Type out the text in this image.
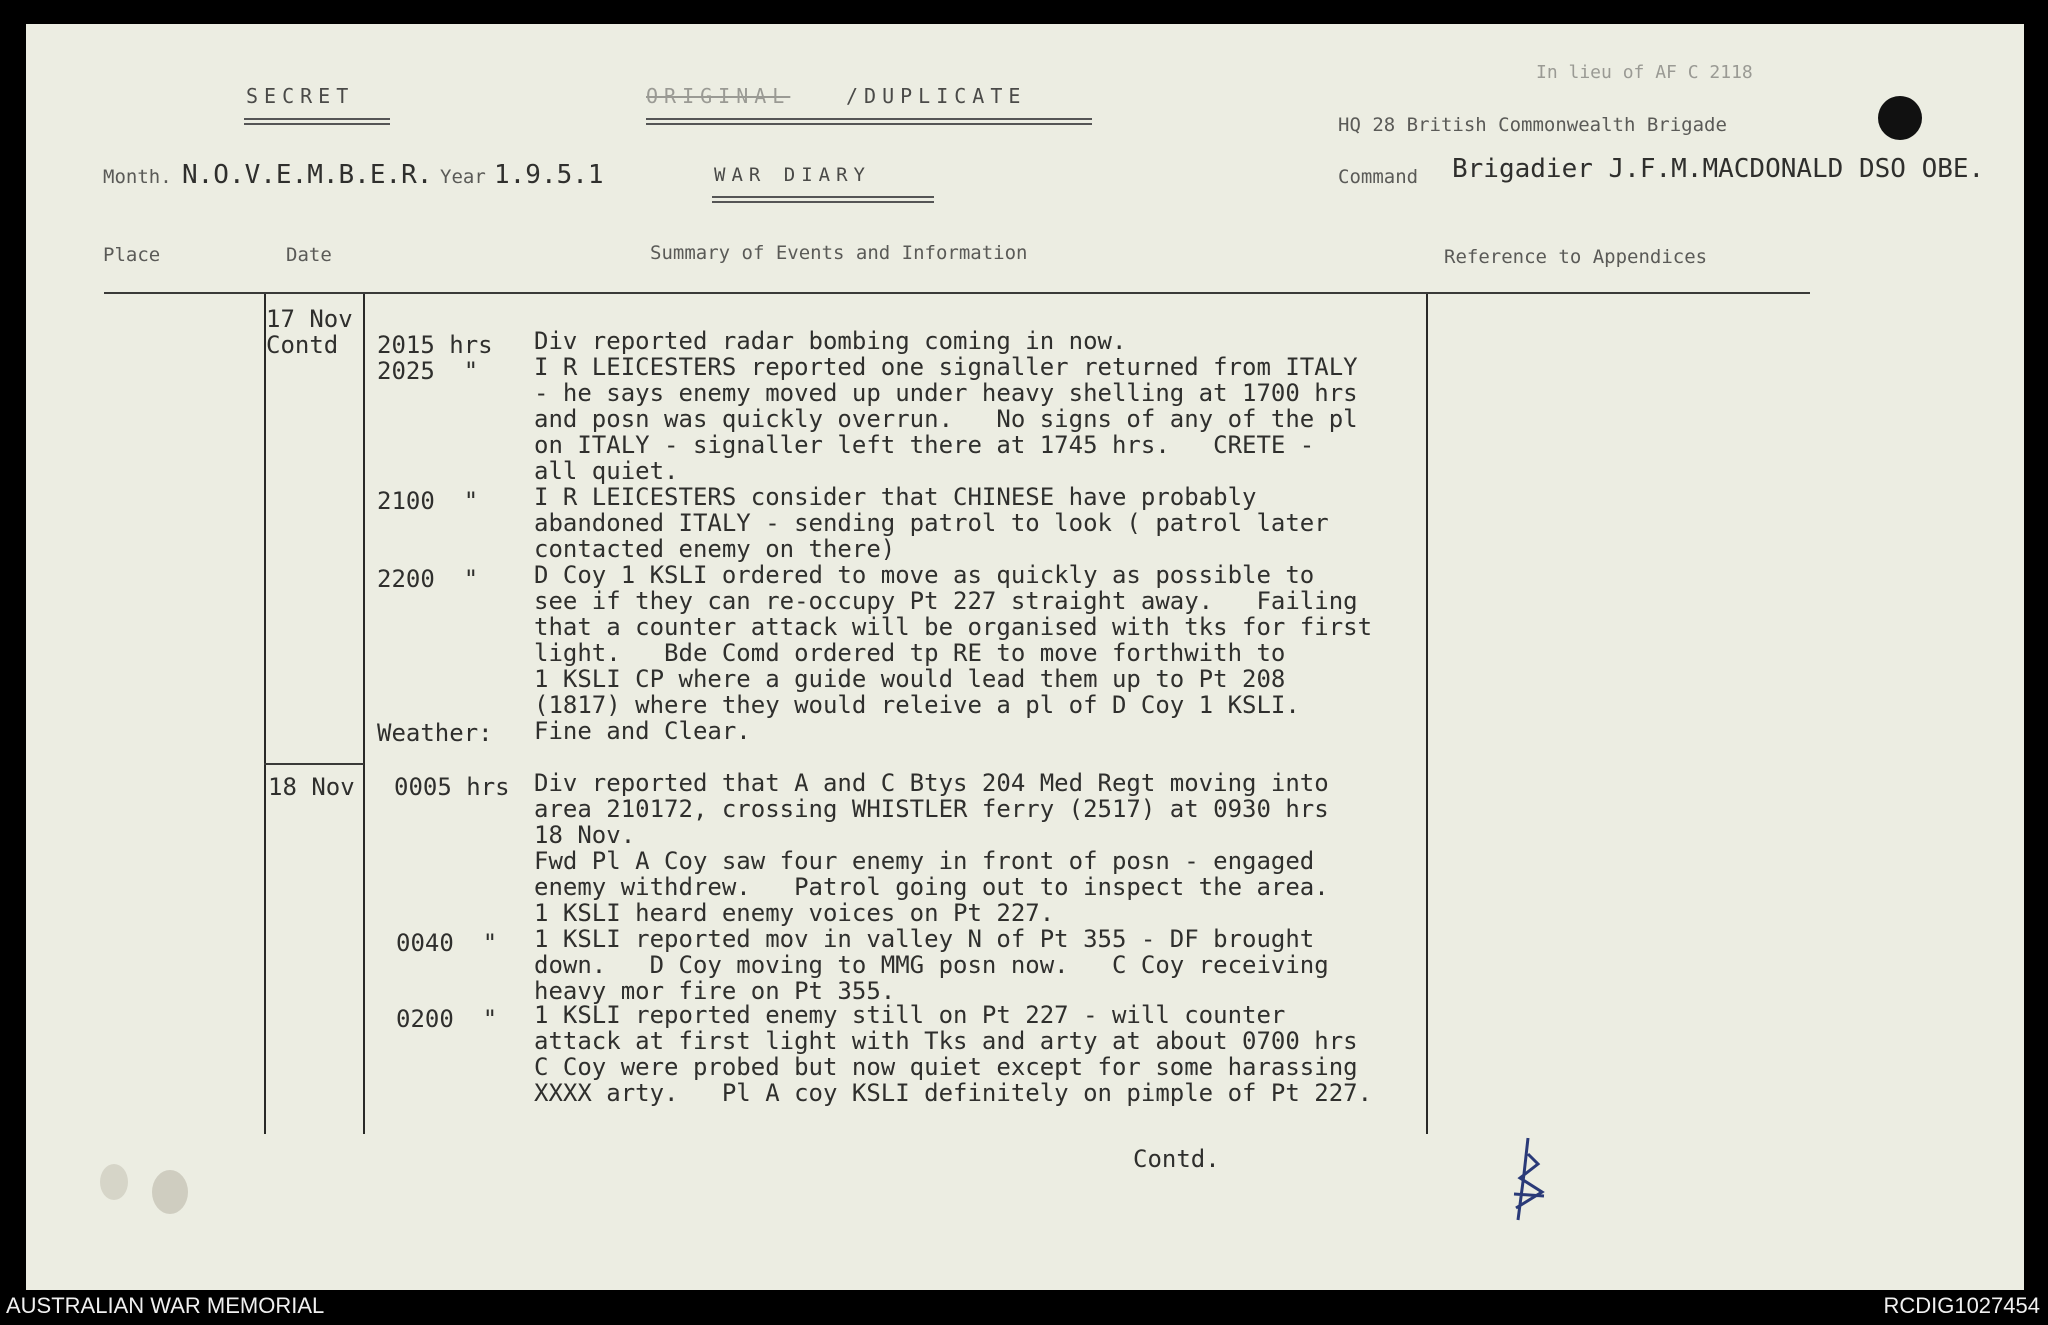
SECRET	ORIGINAL	/DUPLICATE
In lieu of AF C 2118
HQ 28 British Commonwealth Brigade
Month. N.O.V.E.M.B.E.R. Year 1.9.5.1	WAR DIARY	Command Brigadier J.F.M.MACDONALD DSO OBE.
Place	Date	Summary of Events and Information	Reference to Appendices
17 Nov
Contd 2015 hrs Div reported radar bombing coming in now.
2025  " I R LEICESTERS reported one signaller returned from ITALY
- he says enemy moved up under heavy shelling at 1700 hrs
and posn was quickly overrun.   No signs of any of the pl
on ITALY - signaller left there at 1745 hrs.   CRETE -
all quiet.
2100  " I R LEICESTERS consider that CHINESE have probably
abandoned ITALY - sending patrol to look ( patrol later
contacted enemy on there)
2200  " D Coy 1 KSLI ordered to move as quickly as possible to
see if they can re-occupy Pt 227 straight away.   Failing
that a counter attack will be organised with tks for first
light.   Bde Comd ordered tp RE to move forthwith to
1 KSLI CP where a guide would lead them up to Pt 208
(1817) where they would releive a pl of D Coy 1 KSLI.
Weather: Fine and Clear.
18 Nov 0005 hrs Div reported that A and C Btys 204 Med Regt moving into
area 210172, crossing WHISTLER ferry (2517) at 0930 hrs
18 Nov.
Fwd Pl A Coy saw four enemy in front of posn - engaged
enemy withdrew.   Patrol going out to inspect the area.
1 KSLI heard enemy voices on Pt 227.
0040  " 1 KSLI reported mov in valley N of Pt 355 - DF brought
down.   D Coy moving to MMG posn now.   C Coy receiving
heavy mor fire on Pt 355.
0200  " 1 KSLI reported enemy still on Pt 227 - will counter
attack at first light with Tks and arty at about 0700 hrs
C Coy were probed but now quiet except for some harassing
XXXX arty.   Pl A coy KSLI definitely on pimple of Pt 227.
Contd.
AUSTRALIAN WAR MEMORIAL	RCDIG1027454
